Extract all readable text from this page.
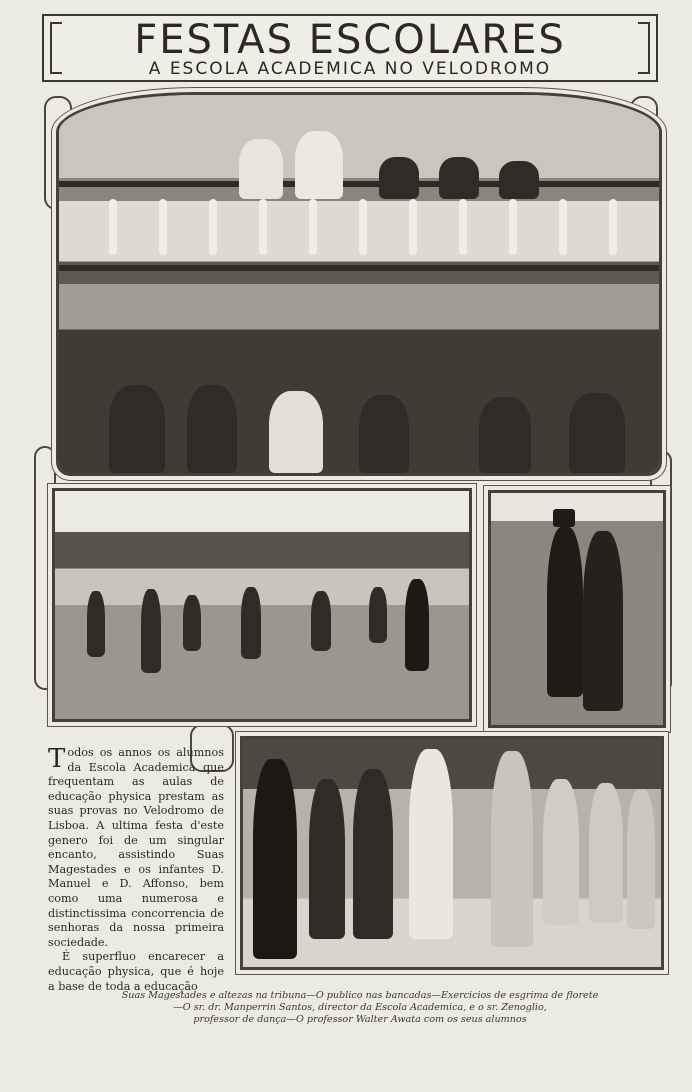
FESTAS ESCOLARES
A ESCOLA ACADEMICA NO VELODROMO

Todos os annos os alumnos da Escola Academica que frequentam as aulas de educação physica prestam as suas provas no Velodromo de Lisboa. A ultima festa d'este genero foi de um singular encanto, assistindo Suas Magestades e os infantes D. Manuel e D. Affonso, bem como uma numerosa e distinctissima concorrencia de senhoras da nossa primeira sociedade.

É superfluo encarecer a educação physica, que é hoje a base de toda a educação

Suas Magestades e altezas na tribuna—O publico nas bancadas—Exercicios de esgrima de florete
—O sr. dr. Manperrin Santos, director da Escola Academica, e o sr. Zenoglio,
professor de dança—O professor Walter Awata com os seus alumnos
